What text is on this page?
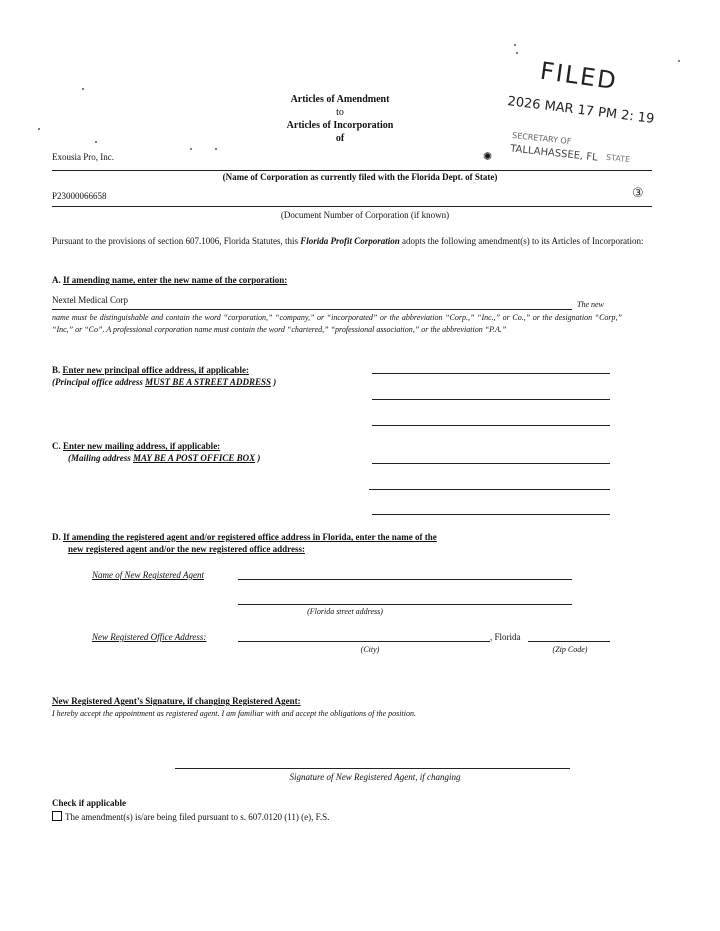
Articles of Amendment
to
Articles of Incorporation
of
FILED
2026 MAR 17 PM 2: 19
SECRETARY OF
✺ TALLAHASSEE, FL STATE
③
Exousia Pro, Inc.
(Name of Corporation as currently filed with the Florida Dept. of State)
P23000066658
(Document Number of Corporation (if known)
Pursuant to the provisions of section 607.1006, Florida Statutes, this Florida Profit Corporation adopts the following amendment(s) to its Articles of Incorporation:
A. If amending name, enter the new name of the corporation:
Nextel Medical Corp	The new
name must be distinguishable and contain the word “corporation,” “company,” or “incorporated” or the abbreviation “Corp.,” “Inc.,” or Co.,” or the designation “Corp,” “Inc,” or “Co”. A professional corporation name must contain the word “chartered,” “professional association,” or the abbreviation “P.A.”
B. Enter new principal office address, if applicable:
(Principal office address MUST BE A STREET ADDRESS )
C. Enter new mailing address, if applicable:
(Mailing address MAY BE A POST OFFICE BOX )
D. If amending the registered agent and/or registered office address in Florida, enter the name of the
new registered agent and/or the new registered office address:
Name of New Registered Agent
(Florida street address)
New Registered Office Address:	, Florida
(City)	(Zip Code)
New Registered Agent’s Signature, if changing Registered Agent:
I hereby accept the appointment as registered agent. I am familiar with and accept the obligations of the position.
Signature of New Registered Agent, if changing
Check if applicable
The amendment(s) is/are being filed pursuant to s. 607.0120 (11) (e), F.S.
